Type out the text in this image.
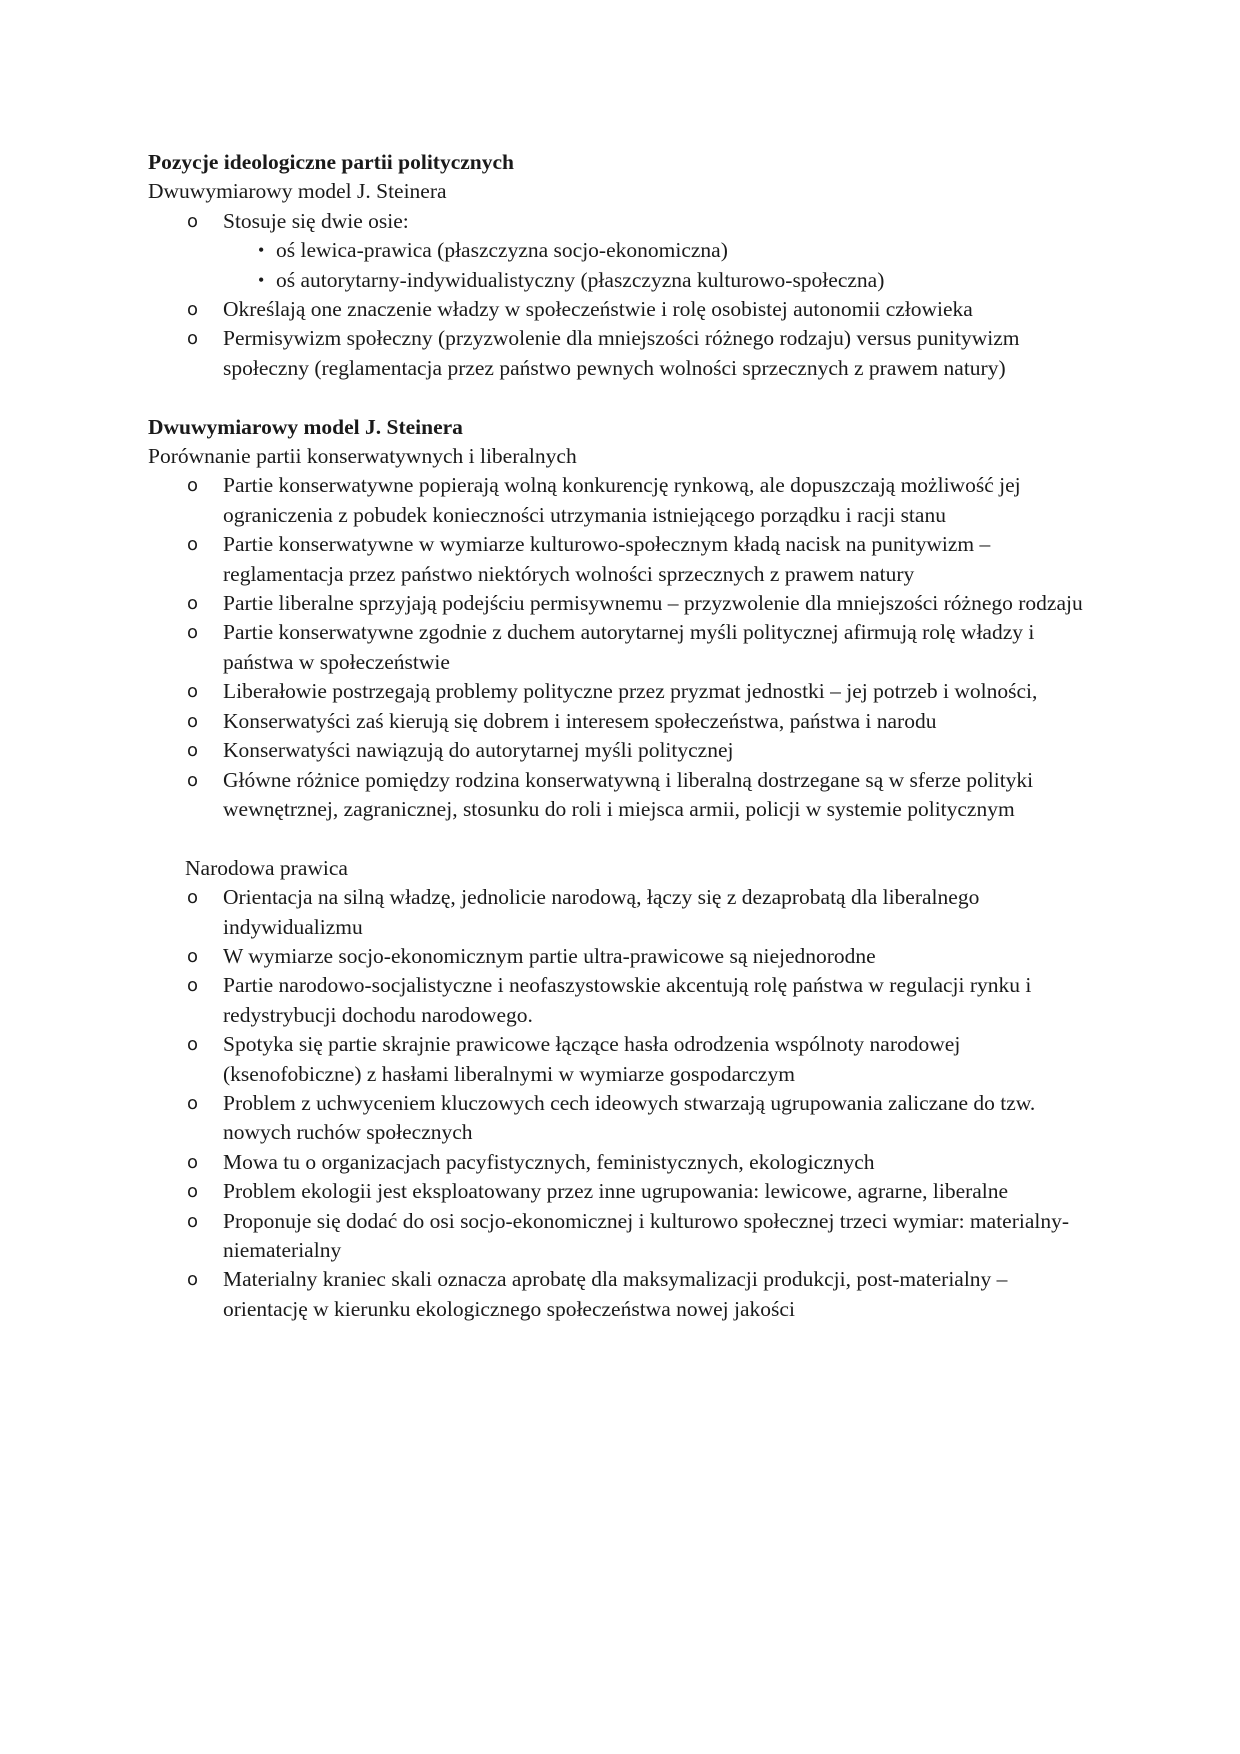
Pozycje ideologiczne partii politycznych

Dwuwymiarowy model J. Steinera

o Stosuje się dwie osie:
• oś lewica-prawica (płaszczyzna socjo-ekonomiczna)
• oś autorytarny-indywidualistyczny (płaszczyzna kulturowo-społeczna)
o Określają one znaczenie władzy w społeczeństwie i rolę osobistej autonomii człowieka
o Permisywizm społeczny (przyzwolenie dla mniejszości różnego rodzaju) versus punitywizm społeczny (reglamentacja przez państwo pewnych wolności sprzecznych z prawem natury)

Dwuwymiarowy model J. Steinera

Porównanie partii konserwatywnych i liberalnych

o Partie konserwatywne popierają wolną konkurencję rynkową, ale dopuszczają możliwość jej ograniczenia z pobudek konieczności utrzymania istniejącego porządku i racji stanu
o Partie konserwatywne w wymiarze kulturowo-społecznym kładą nacisk na punitywizm – reglamentacja przez państwo niektórych wolności sprzecznych z prawem natury
o Partie liberalne sprzyjają podejściu permisywnemu – przyzwolenie dla mniejszości różnego rodzaju
o Partie konserwatywne zgodnie z duchem autorytarnej myśli politycznej afirmują rolę władzy i państwa w społeczeństwie
o Liberałowie postrzegają problemy polityczne przez pryzmat jednostki – jej potrzeb i wolności,
o Konserwatyści zaś kierują się dobrem i interesem społeczeństwa, państwa i narodu
o Konserwatyści nawiązują do autorytarnej myśli politycznej
o Główne różnice pomiędzy rodzina konserwatywną i liberalną dostrzegane są w sferze polityki wewnętrznej, zagranicznej, stosunku do roli i miejsca armii, policji w systemie politycznym

Narodowa prawica

o Orientacja na silną władzę, jednolicie narodową, łączy się z dezaprobatą dla liberalnego indywidualizmu
o W wymiarze socjo-ekonomicznym partie ultra-prawicowe są niejednorodne
o Partie narodowo-socjalistyczne i neofaszystowskie akcentują rolę państwa w regulacji rynku i redystrybucji dochodu narodowego.
o Spotyka się partie skrajnie prawicowe łączące hasła odrodzenia wspólnoty narodowej (ksenofobiczne) z hasłami liberalnymi w wymiarze gospodarczym
o Problem z uchwyceniem kluczowych cech ideowych stwarzają ugrupowania zaliczane do tzw. nowych ruchów społecznych
o Mowa tu o organizacjach pacyfistycznych, feministycznych, ekologicznych
o Problem ekologii jest eksploatowany przez inne ugrupowania: lewicowe, agrarne, liberalne
o Proponuje się dodać do osi socjo-ekonomicznej i kulturowo społecznej trzeci wymiar: materialny-niematerialny
o Materialny kraniec skali oznacza aprobatę dla maksymalizacji produkcji, post-materialny – orientację w kierunku ekologicznego społeczeństwa nowej jakości
